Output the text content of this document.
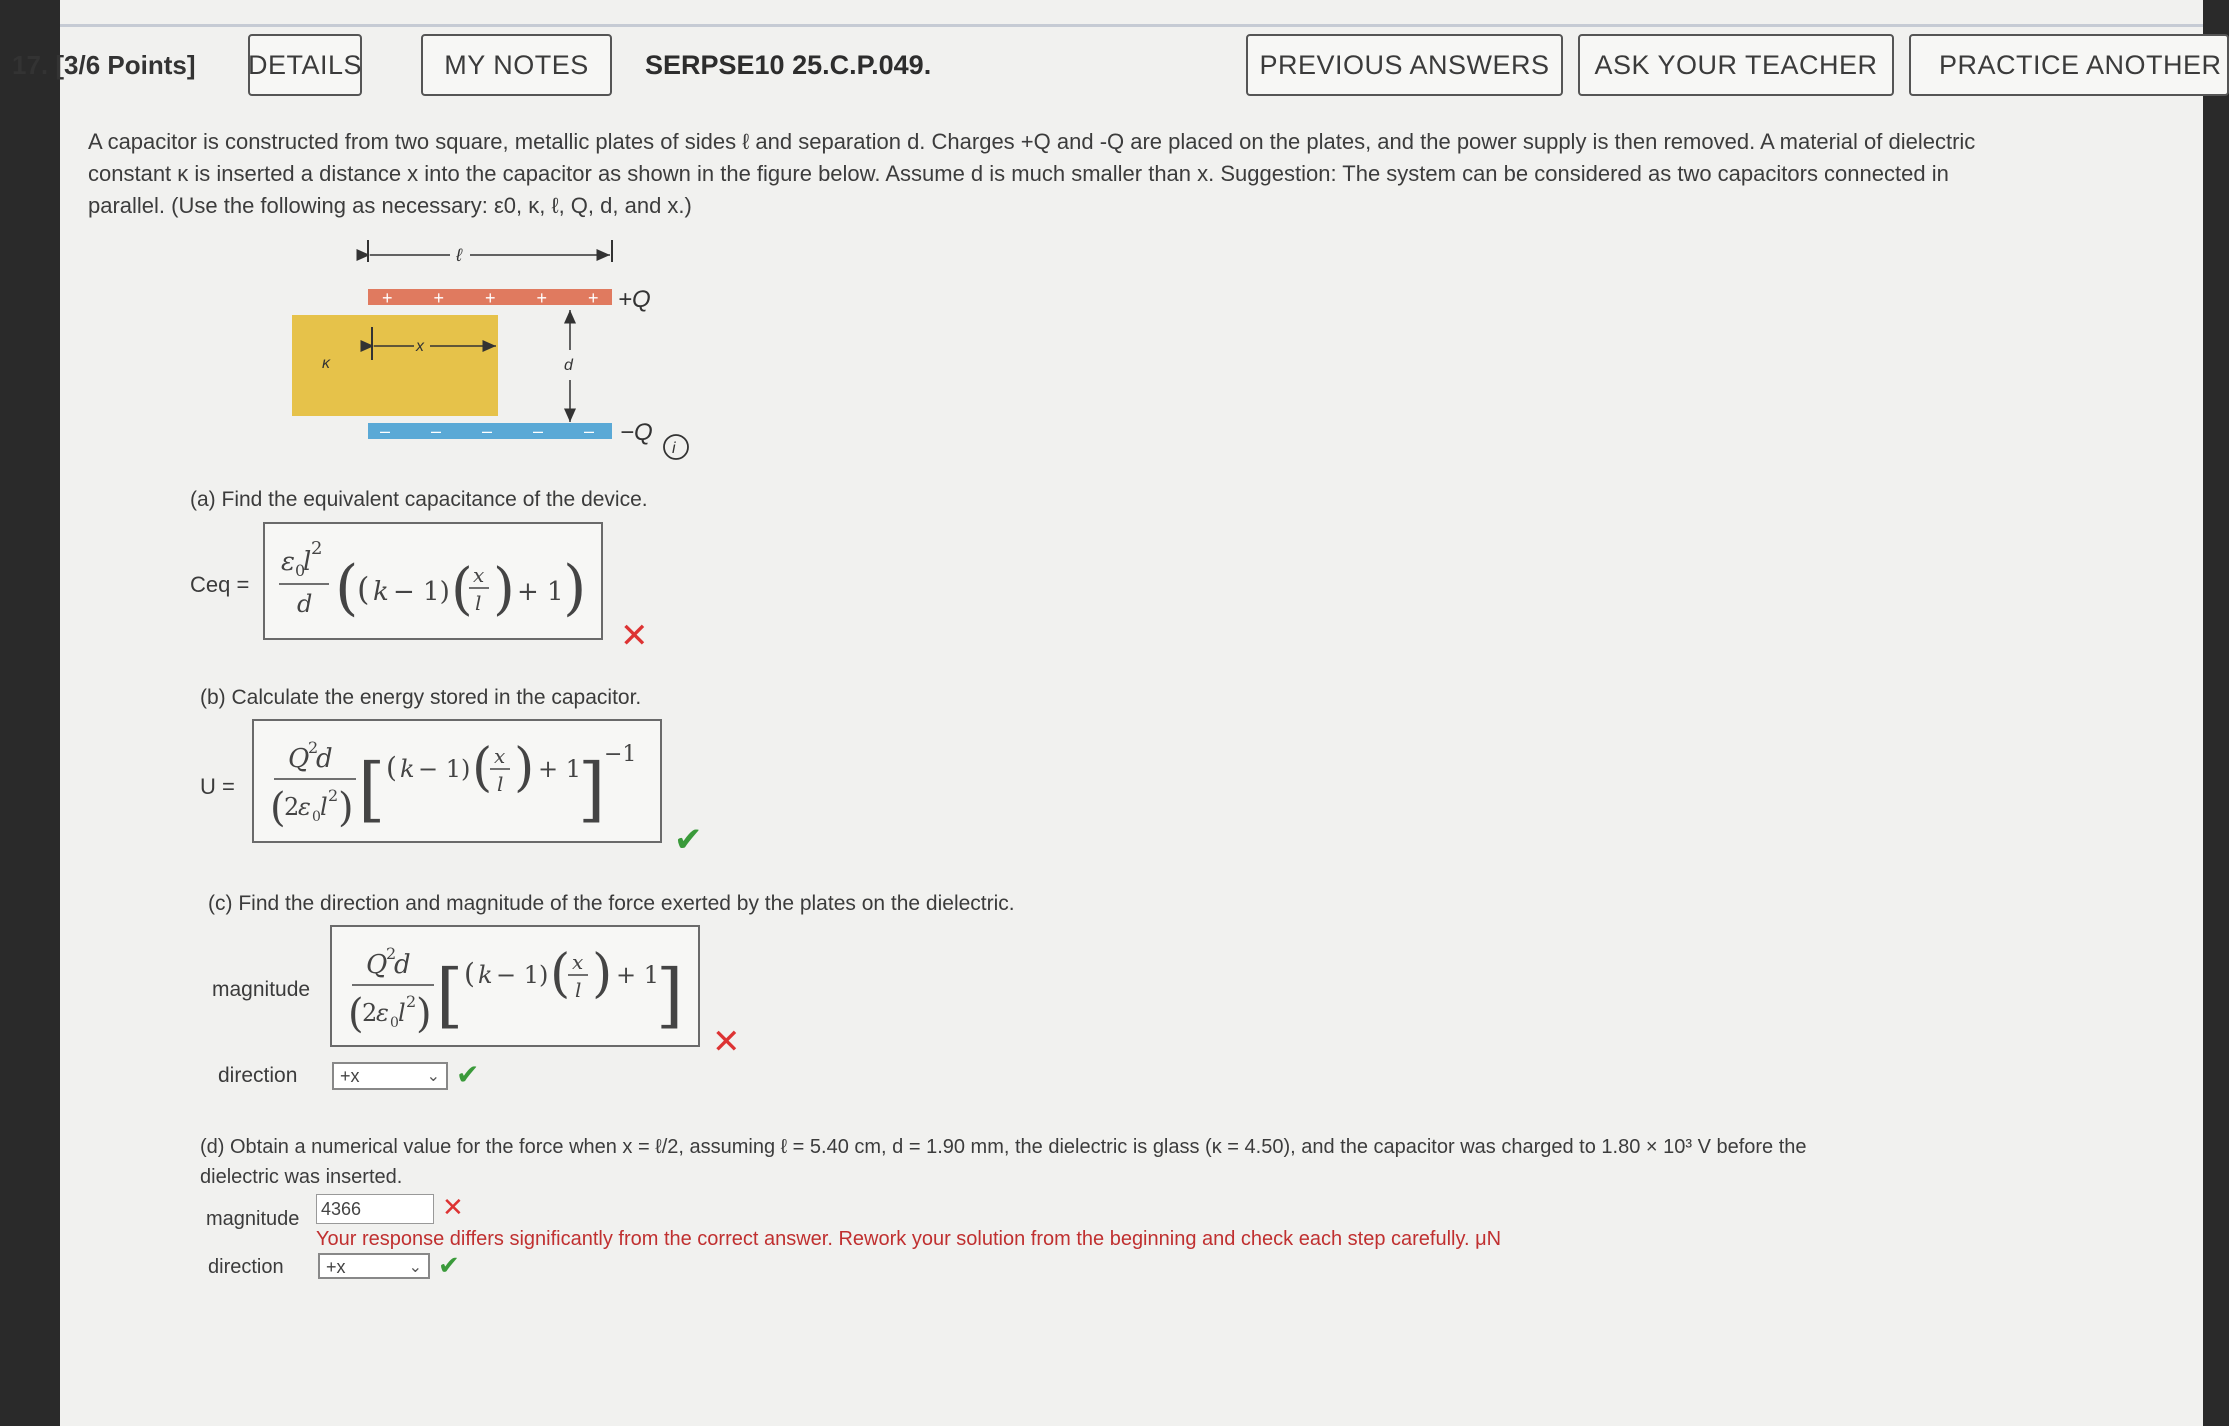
17. [3/6 Points] DETAILS	MY NOTES	SERPSE10 25.C.P.049.	PREVIOUS ANSWERS	ASK YOUR TEACHER	PRACTICE ANOTHER
A capacitor is constructed from two square, metallic plates of sides ℓ and separation d. Charges +Q and -Q are placed on the plates, and the power supply is then removed. A material of dielectric
constant κ is inserted a distance x into the capacitor as shown in the figure below. Assume d is much smaller than x. Suggestion: The system can be considered as two capacitors connected in
parallel. (Use the following as necessary: ε0, κ, ℓ, Q, d, and x.)
ℓ
+ + + + + +Q
κ
x
d
– – – – – −Q
i
(a) Find the equivalent capacitance of the device.
Ceq =
ε 0
l 2
d (
( k − 1) ( x
l ) + 1 )
✕
(b) Calculate the energy stored in the capacitor.
U =
Q
2
d
(
2
ε 0 l 2 ) [ ( k − 1) ( x
l ) + 1
]
−1
✔
(c) Find the direction and magnitude of the force exerted by the plates on the dielectric.
magnitude
Q
2
d
(
2
ε 0 l 2 ) [ ( k − 1) ( x
l ) + 1
]
✕
direction	+x	⌄ ✔
(d) Obtain a numerical value for the force when x = ℓ/2, assuming ℓ = 5.40 cm, d = 1.90 mm, the dielectric is glass (κ = 4.50), and the capacitor was charged to 1.80 × 10³ V before the
dielectric was inserted.
magnitude 4366	✕
Your response differs significantly from the correct answer. Rework your solution from the beginning and check each step carefully. μN
direction	+x	⌄ ✔
